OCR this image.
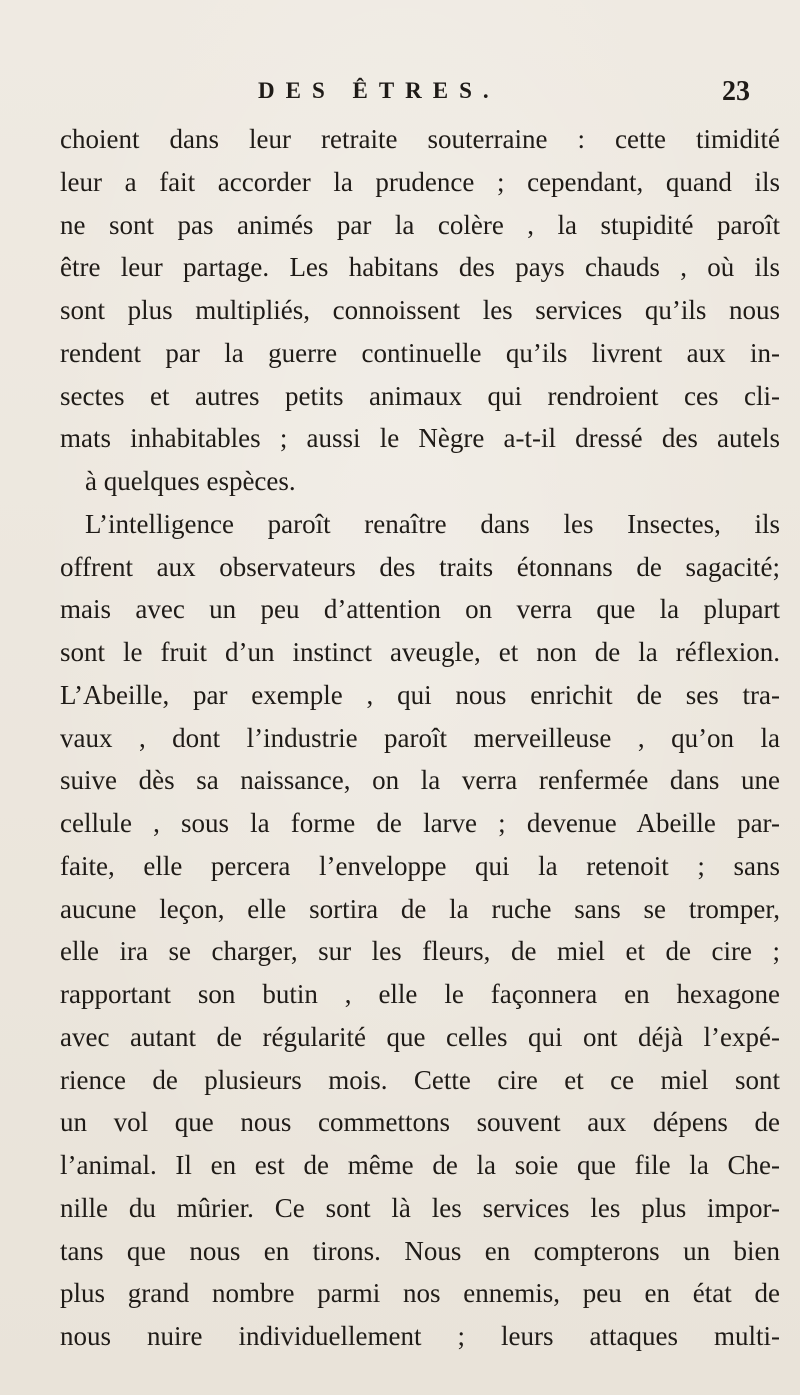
DES ÊTRES.	23
choient dans leur retraite souterraine : cette timidité
leur a fait accorder la prudence ; cependant, quand ils
ne sont pas animés par la colère , la stupidité paroît
être leur partage. Les habitans des pays chauds , où ils
sont plus multipliés, connoissent les services qu’ils nous
rendent par la guerre continuelle qu’ils livrent aux in-
sectes et autres petits animaux qui rendroient ces cli-
mats inhabitables ; aussi le Nègre a-t-il dressé des autels
à quelques espèces.
L’intelligence paroît renaître dans les Insectes, ils
offrent aux observateurs des traits étonnans de sagacité;
mais avec un peu d’attention on verra que la plupart
sont le fruit d’un instinct aveugle, et non de la réflexion.
L’Abeille, par exemple , qui nous enrichit de ses tra-
vaux , dont l’industrie paroît merveilleuse , qu’on la
suive dès sa naissance, on la verra renfermée dans une
cellule , sous la forme de larve ; devenue Abeille par-
faite, elle percera l’enveloppe qui la retenoit ; sans
aucune leçon, elle sortira de la ruche sans se tromper,
elle ira se charger, sur les fleurs, de miel et de cire ;
rapportant son butin , elle le façonnera en hexagone
avec autant de régularité que celles qui ont déjà l’expé-
rience de plusieurs mois. Cette cire et ce miel sont
un vol que nous commettons souvent aux dépens de
l’animal. Il en est de même de la soie que file la Che-
nille du mûrier. Ce sont là les services les plus impor-
tans que nous en tirons. Nous en compterons un bien
plus grand nombre parmi nos ennemis, peu en état de
nous nuire individuellement ; leurs attaques multi-
